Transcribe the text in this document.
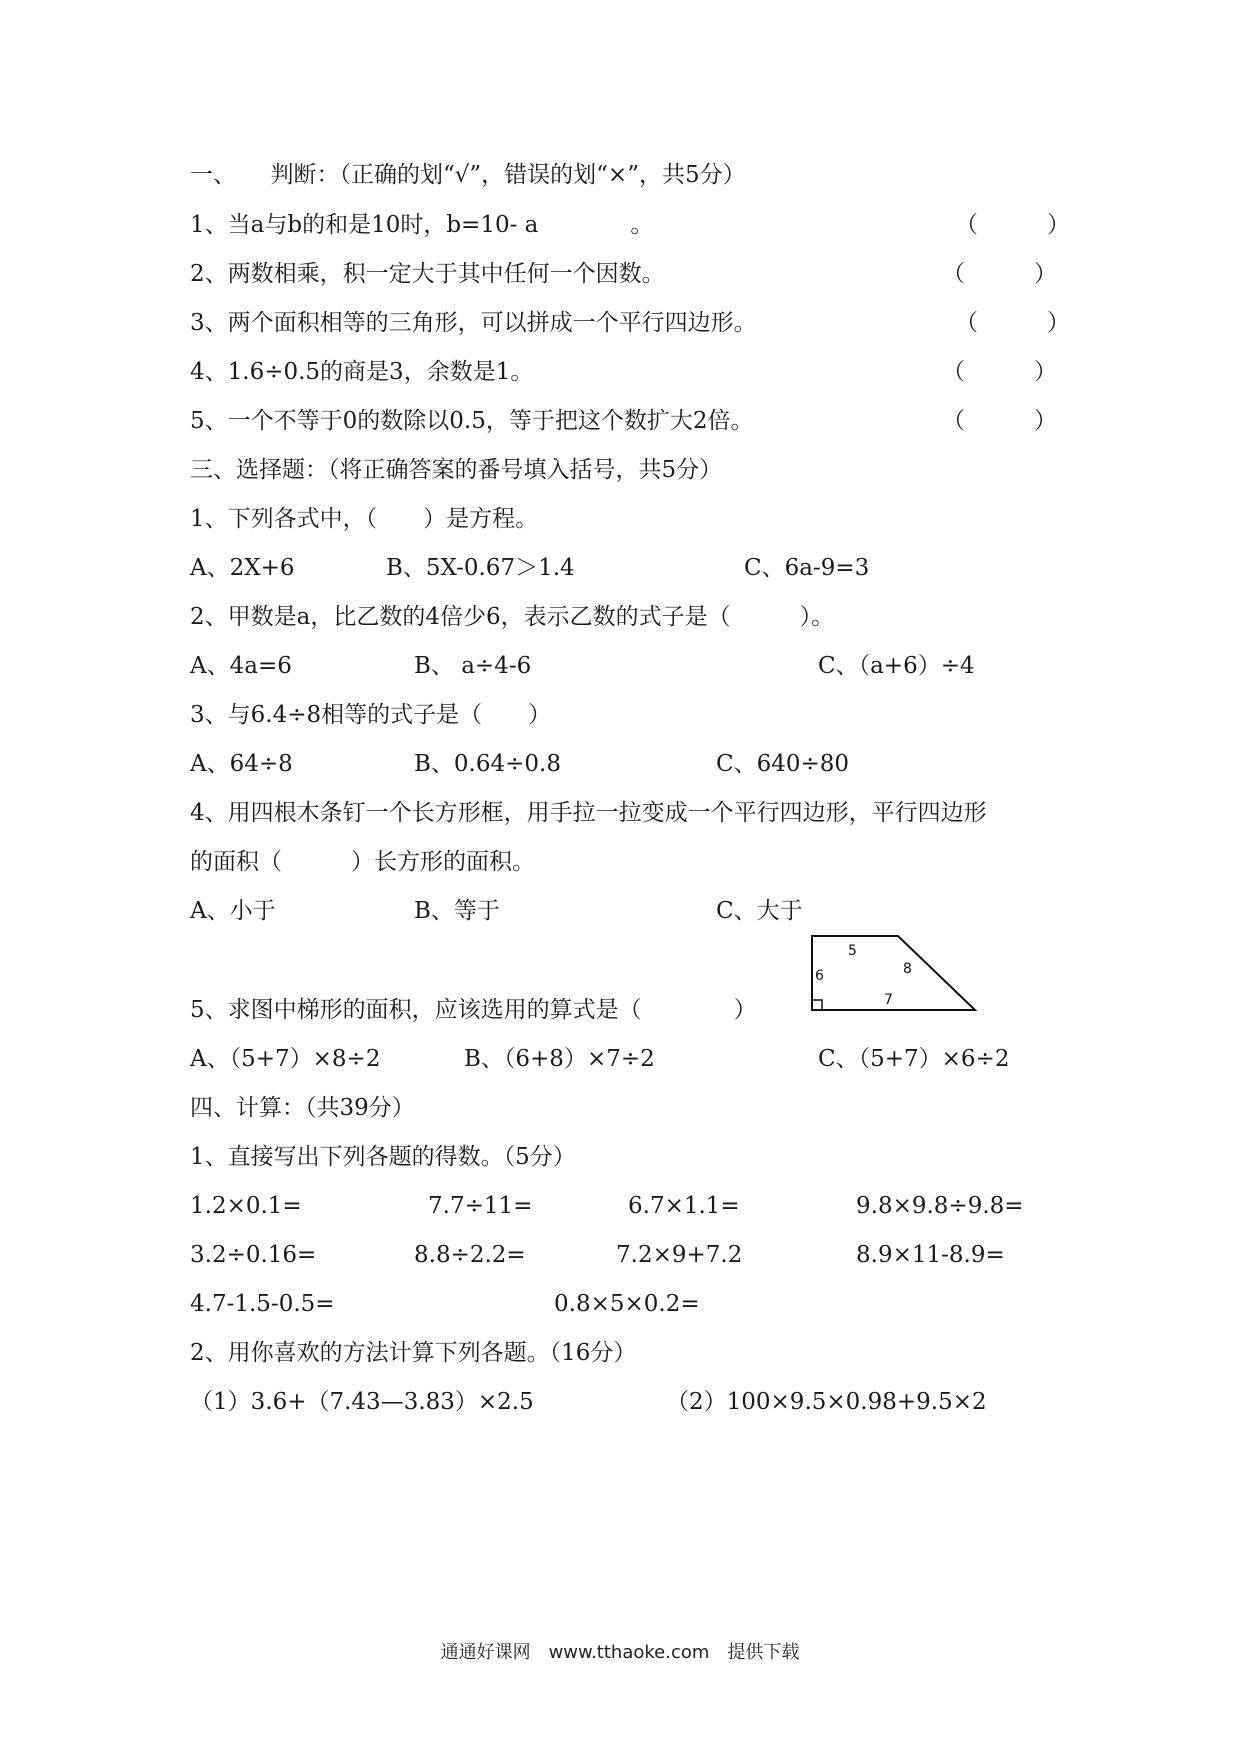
一、　　判断：（正确的划“√”，错误的划“×”，共5分）
1、当a与b的和是10时，b=10- a　　　　。	（　　　）
2、两数相乘，积一定大于其中任何一个因数。	（　　　）
3、两个面积相等的三角形，可以拼成一个平行四边形。	（　　　）
4、1.6÷0.5的商是3，余数是1。	（　　　）
5、一个不等于0的数除以0.5，等于把这个数扩大2倍。	（　　　）
三、选择题：（将正确答案的番号填入括号，共5分）
1、下列各式中，（　　）是方程。
A、2X+6	B、5X-0.67＞1.4	C、6a-9=3
2、甲数是a，比乙数的4倍少6，表示乙数的式子是（　　　）。
A、4a=6	B、 a÷4-6	C、（a+6）÷4
3、与6.4÷8相等的式子是（　　）
A、64÷8	B、0.64÷0.8	C、640÷80
4、用四根木条钉一个长方形框，用手拉一拉变成一个平行四边形，平行四边形
的面积（　　　）长方形的面积。
A、小于	B、等于	C、大于
5
6	8
7
5、求图中梯形的面积，应该选用的算式是（　　　　）
A、（5+7）×8÷2	B、（6+8）×7÷2	C、（5+7）×6÷2
四、计算：（共39分）
1、直接写出下列各题的得数。（5分）
1.2×0.1=	7.7÷11=	6.7×1.1=	9.8×9.8÷9.8=
3.2÷0.16=	8.8÷2.2=	7.2×9+7.2	8.9×11-8.9=
4.7-1.5-0.5=	0.8×5×0.2=
2、用你喜欢的方法计算下列各题。（16分）
（1）3.6+（7.43—3.83）×2.5	（2）100×9.5×0.98+9.5×2
通通好课网　www.tthaoke.com　提供下载
